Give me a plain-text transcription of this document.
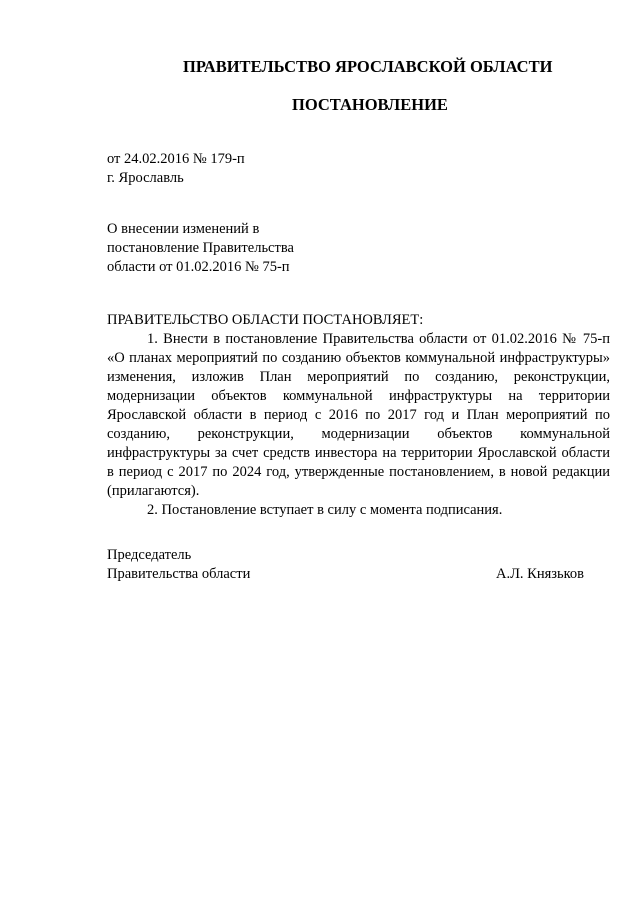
ПРАВИТЕЛЬСТВО ЯРОСЛАВСКОЙ ОБЛАСТИ
ПОСТАНОВЛЕНИЕ
от 24.02.2016 № 179-п
г. Ярославль
О внесении изменений в
постановление Правительства
области от 01.02.2016 № 75-п
ПРАВИТЕЛЬСТВО ОБЛАСТИ ПОСТАНОВЛЯЕТ:

1. Внести в постановление Правительства области от 01.02.2016 № 75-п «О планах мероприятий по созданию объектов коммунальной инфраструктуры» изменения, изложив План мероприятий по созданию, реконструкции, модернизации объектов коммунальной инфраструктуры на территории Ярославской области в период с 2016 по 2017 год и План мероприятий по созданию, реконструкции, модернизации объектов коммунальной инфраструктуры за счет средств инвестора на территории Ярославской области в период с 2017 по 2024 год, утвержденные постановлением, в новой редакции (прилагаются).

2. Постановление вступает в силу с момента подписания.

Председатель
Правительства области	А.Л. Князьков
